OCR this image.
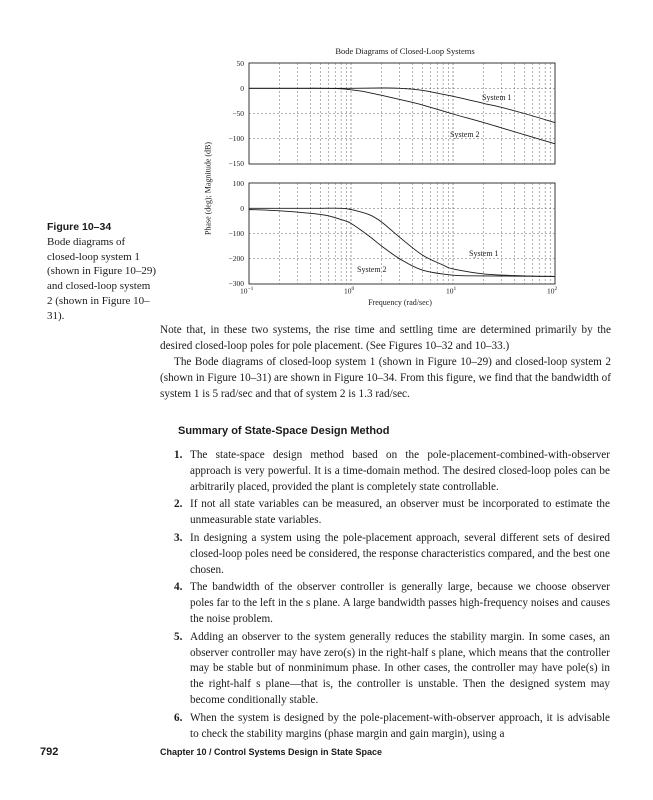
Bode Diagrams of Closed-Loop Systems
System 1
System 2
System 1
System 2
50
0
−50
−100
−150
100
0
−100
−200
−300
$10^{-1}$	$10^0$	$10^1$	$10^2$
Phase (deg); Magnitude (dB)
Frequency (rad/sec)
Figure 10–34
Bode diagrams of closed-loop system 1 (shown in Figure 10–29) and closed-loop system 2 (shown in Figure 10–31).

Note that, in these two systems, the rise time and settling time are determined primarily by the desired closed-loop poles for pole placement. (See Figures 10–32 and 10–33.)

The Bode diagrams of closed-loop system 1 (shown in Figure 10–29) and closed-loop system 2 (shown in Figure 10–31) are shown in Figure 10–34. From this figure, we find that the bandwidth of system 1 is 5 rad/sec and that of system 2 is 1.3 rad/sec.

Summary of State-Space Design Method
1. The state-space design method based on the pole-placement-combined-with-observer approach is very powerful. It is a time-domain method. The desired closed-loop poles can be arbitrarily placed, provided the plant is completely state controllable.
2. If not all state variables can be measured, an observer must be incorporated to estimate the unmeasurable state variables.
3. In designing a system using the pole-placement approach, several different sets of desired closed-loop poles need be considered, the response characteristics compared, and the best one chosen.
4. The bandwidth of the observer controller is generally large, because we choose observer poles far to the left in the s plane. A large bandwidth passes high-frequency noises and causes the noise problem.
5. Adding an observer to the system generally reduces the stability margin. In some cases, an observer controller may have zero(s) in the right-half s plane, which means that the controller may be stable but of nonminimum phase. In other cases, the controller may have pole(s) in the right-half s plane—that is, the controller is unstable. Then the designed system may become conditionally stable.
6. When the system is designed by the pole-placement-with-observer approach, it is advisable to check the stability margins (phase margin and gain margin), using a
792	Chapter 10 / Control Systems Design in State Space
